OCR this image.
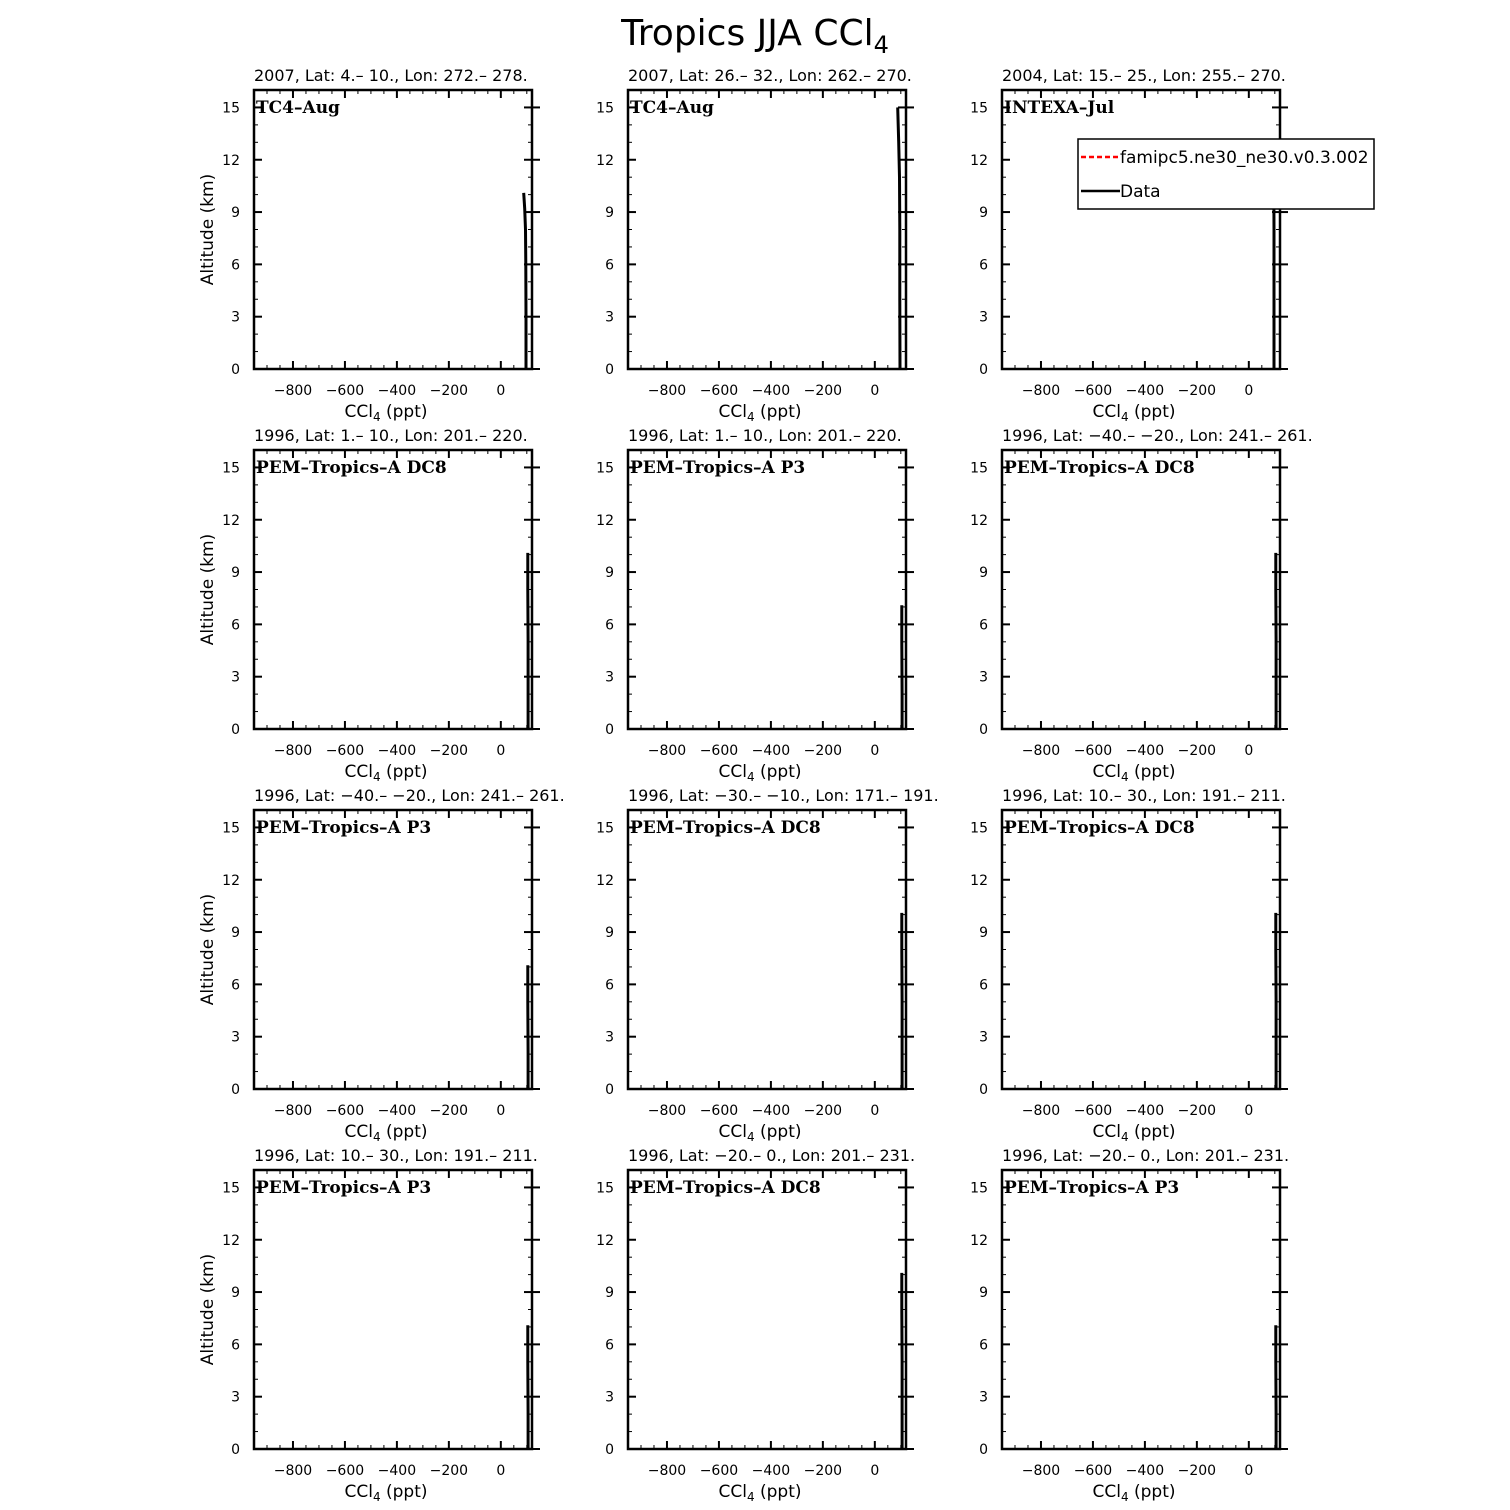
Tropics JJA CCl$_4$
2007, Lat: 4.– 10., Lon: 272.– 278.
−800 −600 −400 −200 0
0
3
6
9
12
15 TC4–Aug
CCl$_4$ (ppt)
Altitude (km)
2007, Lat: 26.– 32., Lon: 262.– 270.
−800 −600 −400 −200 0
0
3
6
9
12
15 TC4–Aug
CCl$_4$ (ppt)
2004, Lat: 15.– 25., Lon: 255.– 270.
−800 −600 −400 −200 0
0
3
6
9
12
15 INTEXA–Jul
CCl$_4$ (ppt)
1996, Lat: 1.– 10., Lon: 201.– 220.
−800 −600 −400 −200 0
0
3
6
9
12
15 PEM–Tropics–A DC8
CCl$_4$ (ppt)
Altitude (km)
1996, Lat: 1.– 10., Lon: 201.– 220.
−800 −600 −400 −200 0
0
3
6
9
12
15 PEM–Tropics–A P3
CCl$_4$ (ppt)
1996, Lat: −40.– −20., Lon: 241.– 261.
−800 −600 −400 −200 0
0
3
6
9
12
15 PEM–Tropics–A DC8
CCl$_4$ (ppt)
1996, Lat: −40.– −20., Lon: 241.– 261.
−800 −600 −400 −200 0
0
3
6
9
12
15 PEM–Tropics–A P3
CCl$_4$ (ppt)
Altitude (km)
1996, Lat: −30.– −10., Lon: 171.– 191.
−800 −600 −400 −200 0
0
3
6
9
12
15 PEM–Tropics–A DC8
CCl$_4$ (ppt)
1996, Lat: 10.– 30., Lon: 191.– 211.
−800 −600 −400 −200 0
0
3
6
9
12
15 PEM–Tropics–A DC8
CCl$_4$ (ppt)
1996, Lat: 10.– 30., Lon: 191.– 211.
−800 −600 −400 −200 0
0
3
6
9
12
15 PEM–Tropics–A P3
CCl$_4$ (ppt)
Altitude (km)
1996, Lat: −20.– 0., Lon: 201.– 231.
−800 −600 −400 −200 0
0
3
6
9
12
15 PEM–Tropics–A DC8
CCl$_4$ (ppt)
1996, Lat: −20.– 0., Lon: 201.– 231.
−800 −600 −400 −200 0
0
3
6
9
12
15 PEM–Tropics–A P3
CCl$_4$ (ppt)
famipc5.ne30_ne30.v0.3.002
Data
